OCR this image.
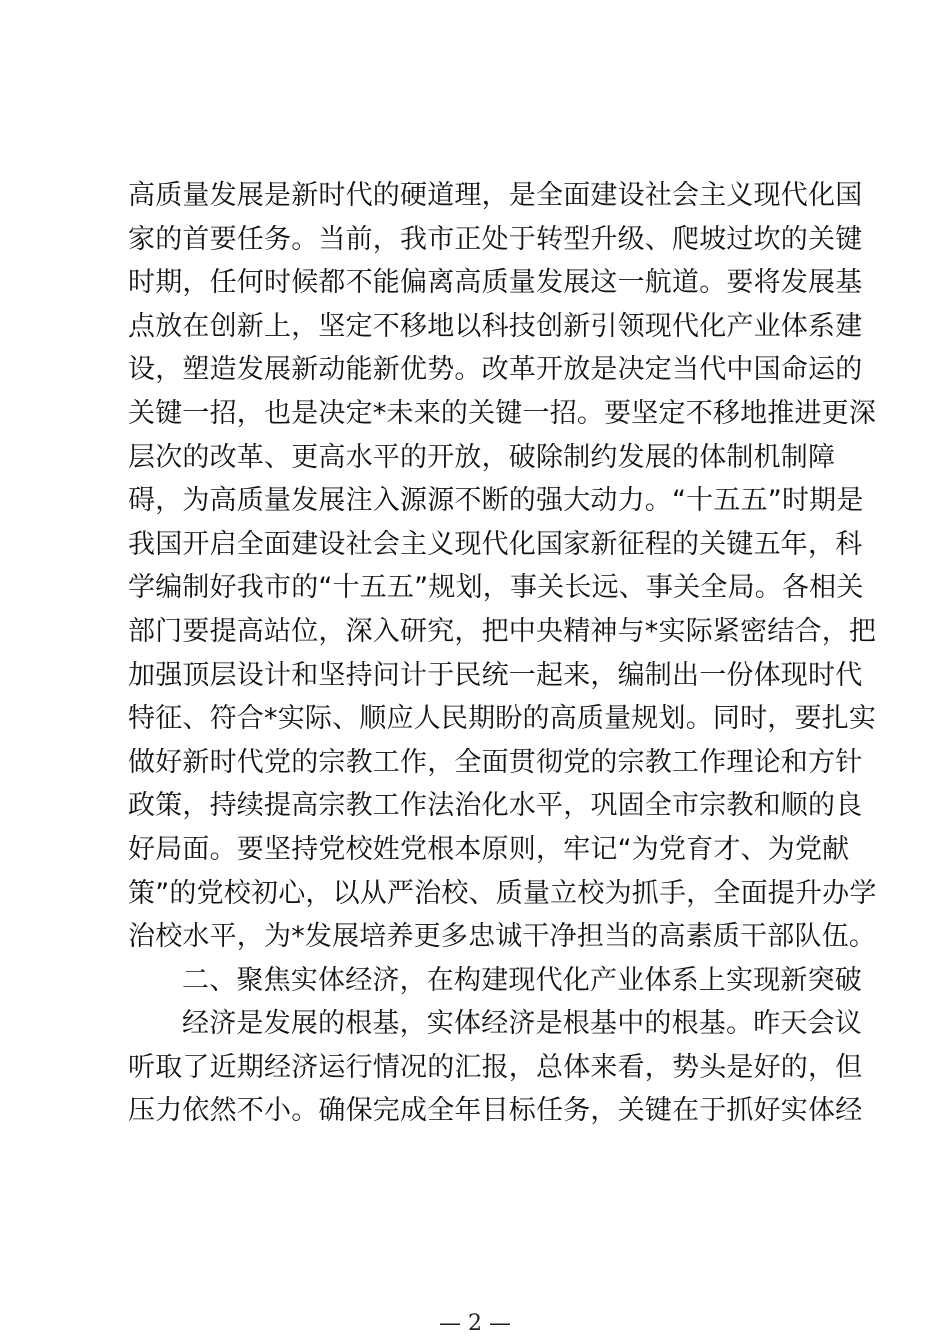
高质量发展是新时代的硬道理，是全面建设社会主义现代化国
家的首要任务。当前，我市正处于转型升级、爬坡过坎的关键
时期，任何时候都不能偏离高质量发展这一航道。要将发展基
点放在创新上，坚定不移地以科技创新引领现代化产业体系建
设，塑造发展新动能新优势。改革开放是决定当代中国命运的
关键一招，也是决定*未来的关键一招。要坚定不移地推进更深
层次的改革、更高水平的开放，破除制约发展的体制机制障
碍，为高质量发展注入源源不断的强大动力。“十五五”时期是
我国开启全面建设社会主义现代化国家新征程的关键五年，科
学编制好我市的“十五五”规划，事关长远、事关全局。各相关
部门要提高站位，深入研究，把中央精神与*实际紧密结合，把
加强顶层设计和坚持问计于民统一起来，编制出一份体现时代
特征、符合*实际、顺应人民期盼的高质量规划。同时，要扎实
做好新时代党的宗教工作，全面贯彻党的宗教工作理论和方针
政策，持续提高宗教工作法治化水平，巩固全市宗教和顺的良
好局面。要坚持党校姓党根本原则，牢记“为党育才、为党献
策”的党校初心，以从严治校、质量立校为抓手，全面提升办学
治校水平，为*发展培养更多忠诚干净担当的高素质干部队伍。
二、聚焦实体经济，在构建现代化产业体系上实现新突破
经济是发展的根基，实体经济是根基中的根基。昨天会议
听取了近期经济运行情况的汇报，总体来看，势头是好的，但
压力依然不小。确保完成全年目标任务，关键在于抓好实体经
— 2 —
